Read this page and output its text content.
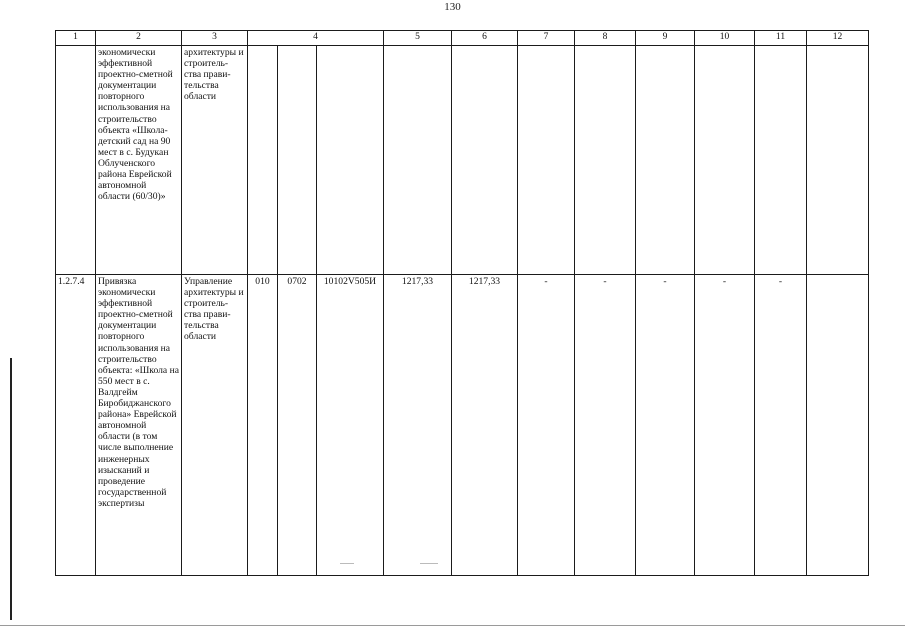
130
1	2	3	4			5	6	7	8	9	10	11	12
	экономически эффективной проектно-сметной документации повторного использования на строительство объекта «Школа-детский сад на 90 мест в с. Будукан Облученского района Еврейской автономной области (60/30)»	архитектуры и строитель-ства прави-тельства области											
1.2.7.4	Привязка экономически эффективной проектно-сметной документации повторного использования на строительство объекта: «Школа на 550 мест в с. Валдгейм Биробиджанского района» Еврейской автономной области (в том числе выполнение инженерных изысканий и проведение государственной экспертизы	Управление архитектуры и строитель-ства прави-тельства области	010	0702	10102V505И	1217,33	1217,33	-	-	-	-	-	
